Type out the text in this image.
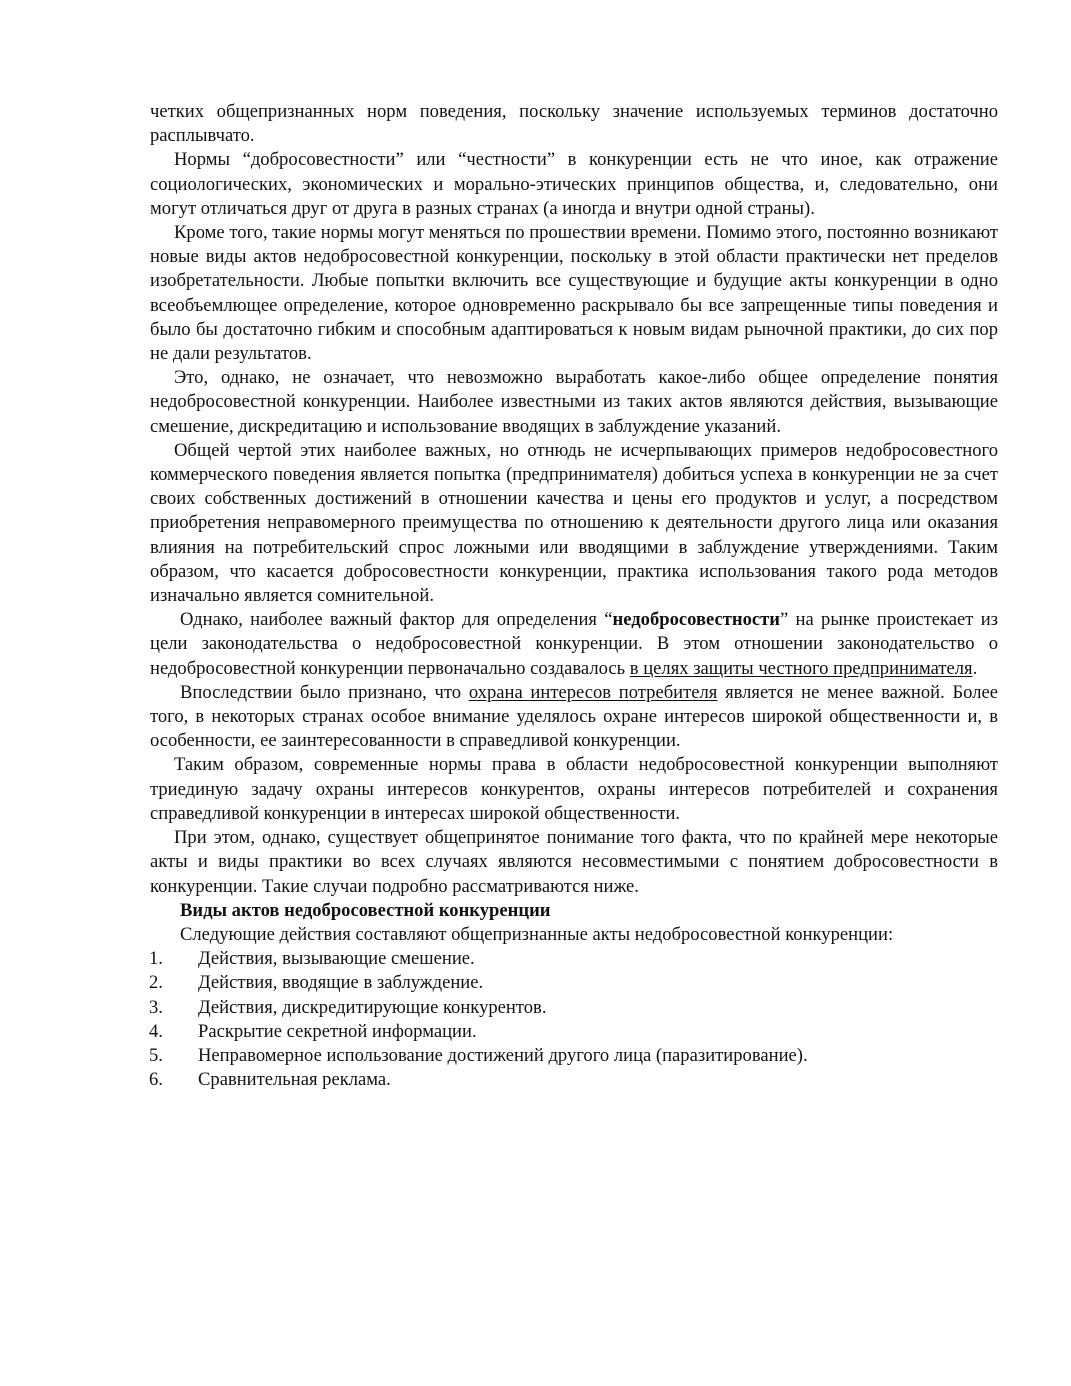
четких общепризнанных норм поведения, поскольку значение используемых терминов достаточно расплывчато.

Нормы “добросовестности” или “честности” в конкуренции есть не что иное, как отражение социологических, экономических и морально-этических принципов общества, и, следовательно, они могут отличаться друг от друга в разных странах (а иногда и внутри одной страны).

Кроме того, такие нормы могут меняться по прошествии времени. Помимо этого, постоянно возникают новые виды актов недобросовестной конкуренции, поскольку в этой области практически нет пределов изобретательности. Любые попытки включить все существующие и будущие акты конкуренции в одно всеобъемлющее определение, которое одновременно раскрывало бы все запрещенные типы поведения и было бы достаточно гибким и способным адаптироваться к новым видам рыночной практики, до сих пор не дали результатов.

Это, однако, не означает, что невозможно выработать какое-либо общее определение понятия недобросовестной конкуренции. Наиболее известными из таких актов являются действия, вызывающие смешение, дискредитацию и использование вводящих в заблуждение указаний.

Общей чертой этих наиболее важных, но отнюдь не исчерпывающих примеров недобросовестного коммерческого поведения является попытка (предпринимателя) добиться успеха в конкуренции не за счет своих собственных достижений в отношении качества и цены его продуктов и услуг, а посредством приобретения неправомерного преимущества по отношению к деятельности другого лица или оказания влияния на потребительский спрос ложными или вводящими в заблуждение утверждениями. Таким образом, что касается добросовестности конкуренции, практика использования такого рода методов изначально является сомнительной.

Однако, наиболее важный фактор для определения “недобросовестности” на рынке проистекает из цели законодательства о недобросовестной конкуренции. В этом отношении законодательство о недобросовестной конкуренции первоначально создавалось в целях защиты честного предпринимателя.

Впоследствии было признано, что охрана интересов потребителя является не менее важной. Более того, в некоторых странах особое внимание уделялось охране интересов широкой общественности и, в особенности, ее заинтересованности в справедливой конкуренции.

Таким образом, современные нормы права в области недобросовестной конкуренции выполняют триединую задачу охраны интересов конкурентов, охраны интересов потребителей и сохранения справедливой конкуренции в интересах широкой общественности.

При этом, однако, существует общепринятое понимание того факта, что по крайней мере некоторые акты и виды практики во всех случаях являются несовместимыми с понятием добросовестности в конкуренции. Такие случаи подробно рассматриваются ниже.

Виды актов недобросовестной конкуренции

Следующие действия составляют общепризнанные акты недобросовестной конкуренции:

1. Действия, вызывающие смешение.
2. Действия, вводящие в заблуждение.
3. Действия, дискредитирующие конкурентов.
4. Раскрытие секретной информации.
5. Неправомерное использование достижений другого лица (паразитирование).
6. Сравнительная реклама.
